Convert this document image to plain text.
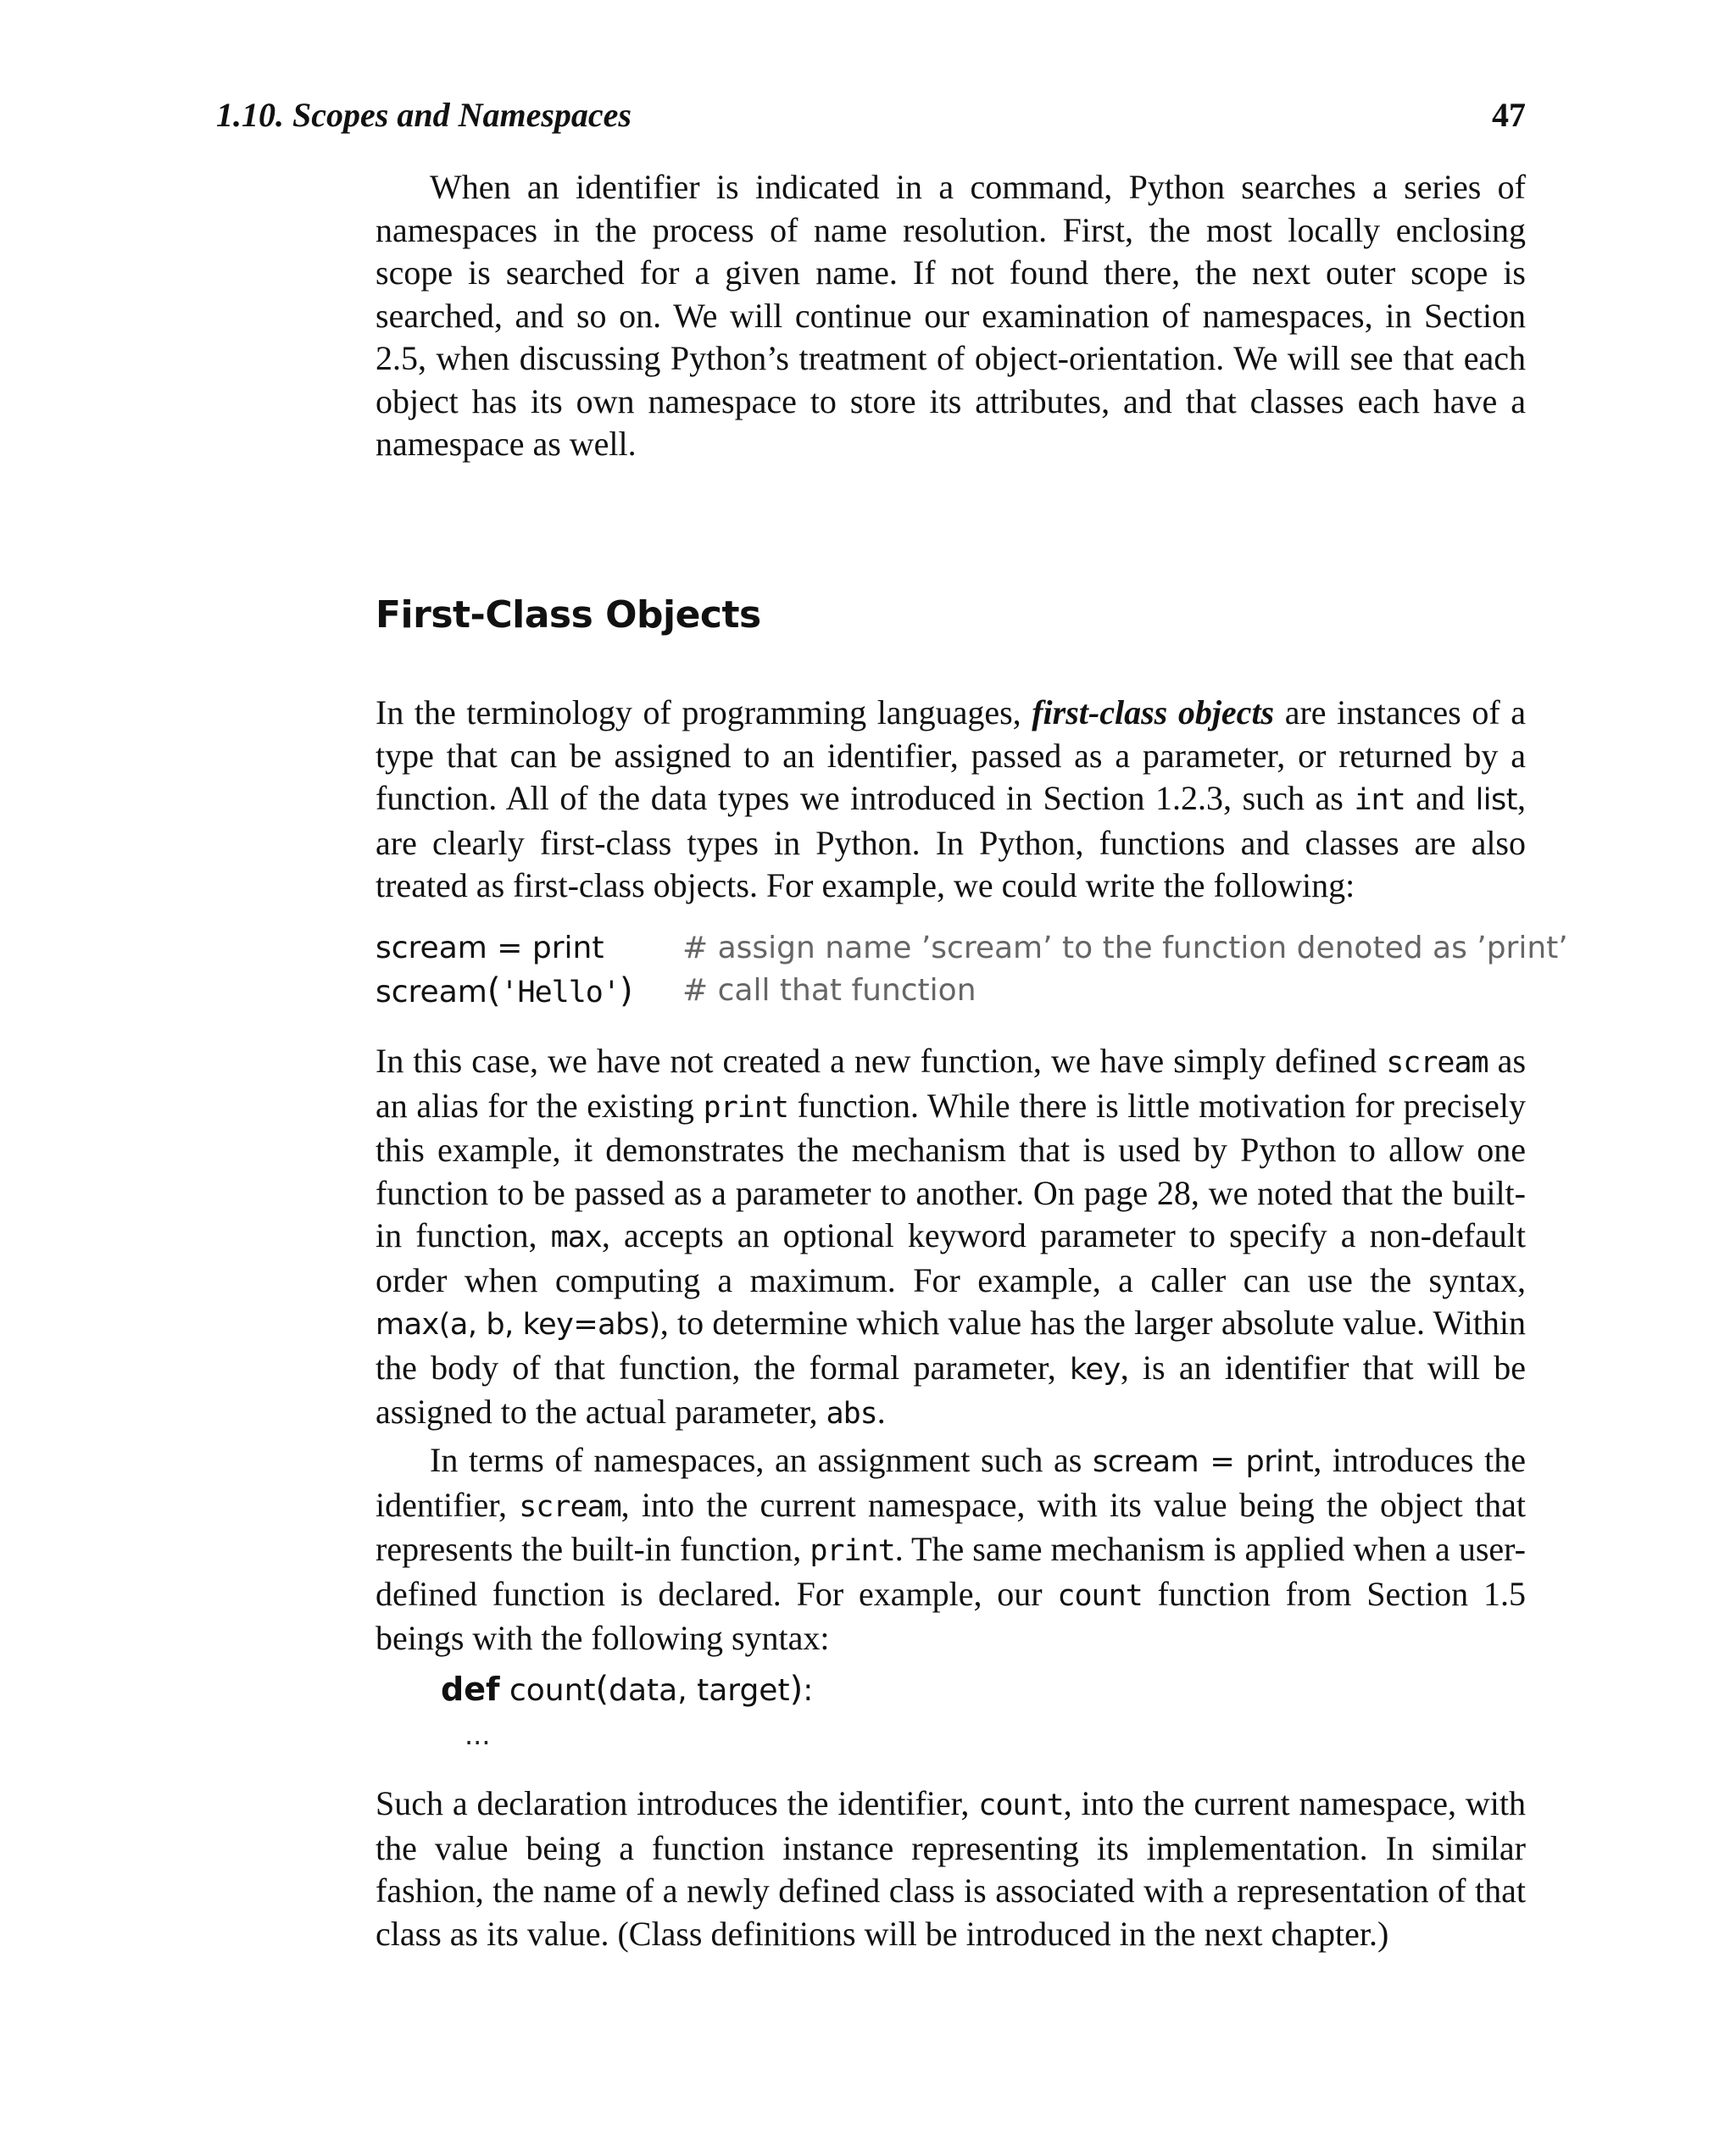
1.10. Scopes and Namespaces	47

When an identifier is indicated in a command, Python searches a series of namespaces in the process of name resolution. First, the most locally enclosing scope is searched for a given name. If not found there, the next outer scope is searched, and so on. We will continue our examination of namespaces, in Section 2.5, when discussing Python’s treatment of object-orientation. We will see that each object has its own namespace to store its attributes, and that classes each have a namespace as well.

First-Class Objects

In the terminology of programming languages, first-class objects are instances of a type that can be assigned to an identifier, passed as a parameter, or returned by a function. All of the data types we introduced in Section 1.2.3, such as int and list, are clearly first-class types in Python. In Python, functions and classes are also treated as first-class objects. For example, we could write the following:

scream = print

	# assign name ’scream’ to the function denoted as ’print’

scream('Hello')

# call that function

In this case, we have not created a new function, we have simply defined scream as an alias for the existing print function. While there is little motivation for precisely this example, it demonstrates the mechanism that is used by Python to allow one function to be passed as a parameter to another. On page 28, we noted that the built-in function, max, accepts an optional keyword parameter to specify a non-default order when computing a maximum. For example, a caller can use the syntax, max(a, b, key=abs), to determine which value has the larger absolute value. Within the body of that function, the formal parameter, key, is an identifier that will be assigned to the actual parameter, abs.

In terms of namespaces, an assignment such as scream = print, introduces the identifier, scream, into the current namespace, with its value being the object that represents the built-in function, print. The same mechanism is applied when a user-defined function is declared. For example, our count function from Section 1.5 beings with the following syntax:

def count(data, target):
...

Such a declaration introduces the identifier, count, into the current namespace, with the value being a function instance representing its implementation. In similar fashion, the name of a newly defined class is associated with a representation of that class as its value. (Class definitions will be introduced in the next chapter.)
